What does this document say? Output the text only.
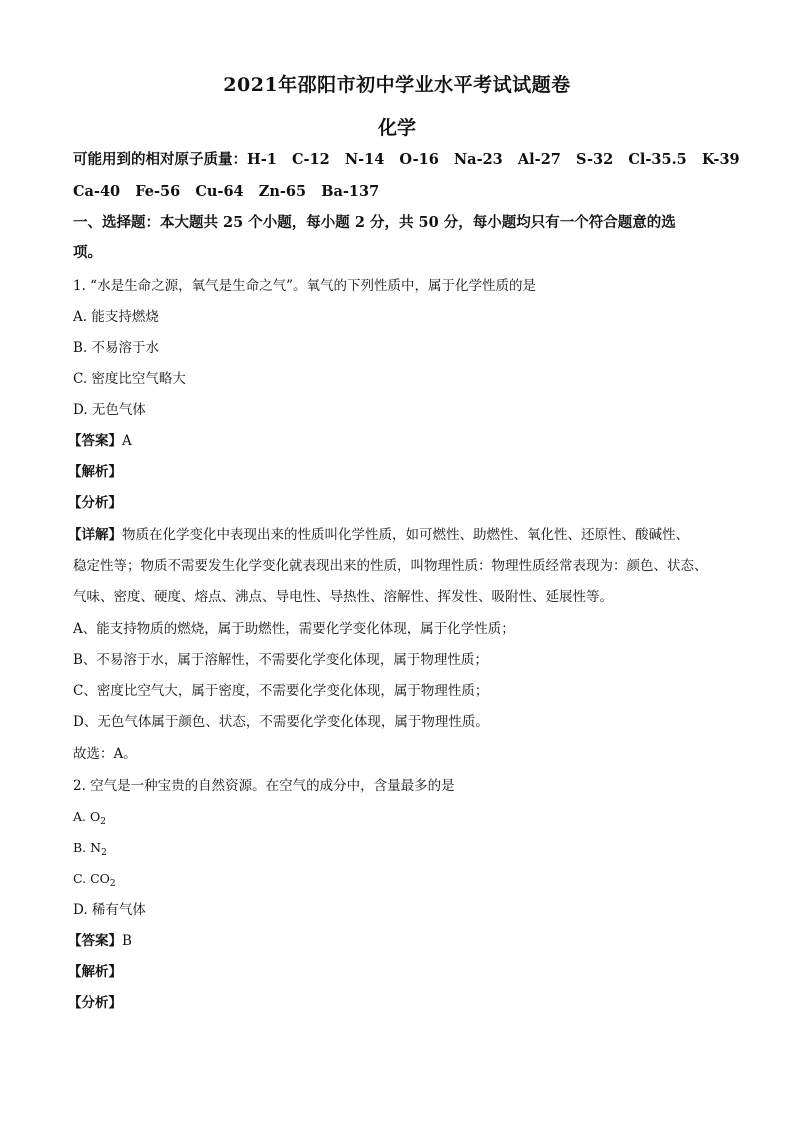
2021年邵阳市初中学业水平考试试题卷
化学
可能用到的相对原子质量：H-1   C-12   N-14   O-16   Na-23   Al-27   S-32   Cl-35.5   K-39
Ca-40   Fe-56   Cu-64   Zn-65   Ba-137
一、选择题：本大题共 25 个小题，每小题 2 分，共 50 分，每小题均只有一个符合题意的选
项。
1. “水是生命之源，氧气是生命之气”。氧气的下列性质中，属于化学性质的是
A. 能支持燃烧
B. 不易溶于水
C. 密度比空气略大
D. 无色气体
【答案】A
【解析】
【分析】
【详解】物质在化学变化中表现出来的性质叫化学性质，如可燃性、助燃性、氧化性、还原性、酸碱性、
稳定性等；物质不需要发生化学变化就表现出来的性质，叫物理性质：物理性质经常表现为：颜色、状态、
气味、密度、硬度、熔点、沸点、导电性、导热性、溶解性、挥发性、吸附性、延展性等。
A、能支持物质的燃烧，属于助燃性，需要化学变化体现，属于化学性质；
B、不易溶于水，属于溶解性，不需要化学变化体现，属于物理性质；
C、密度比空气大，属于密度，不需要化学变化体现，属于物理性质；
D、无色气体属于颜色、状态，不需要化学变化体现，属于物理性质。
故选：A。
2. 空气是一种宝贵的自然资源。在空气的成分中，含量最多的是
A. $O_2$
B. $N_2$
C. $CO_2$
D. 稀有气体
【答案】B
【解析】
【分析】
